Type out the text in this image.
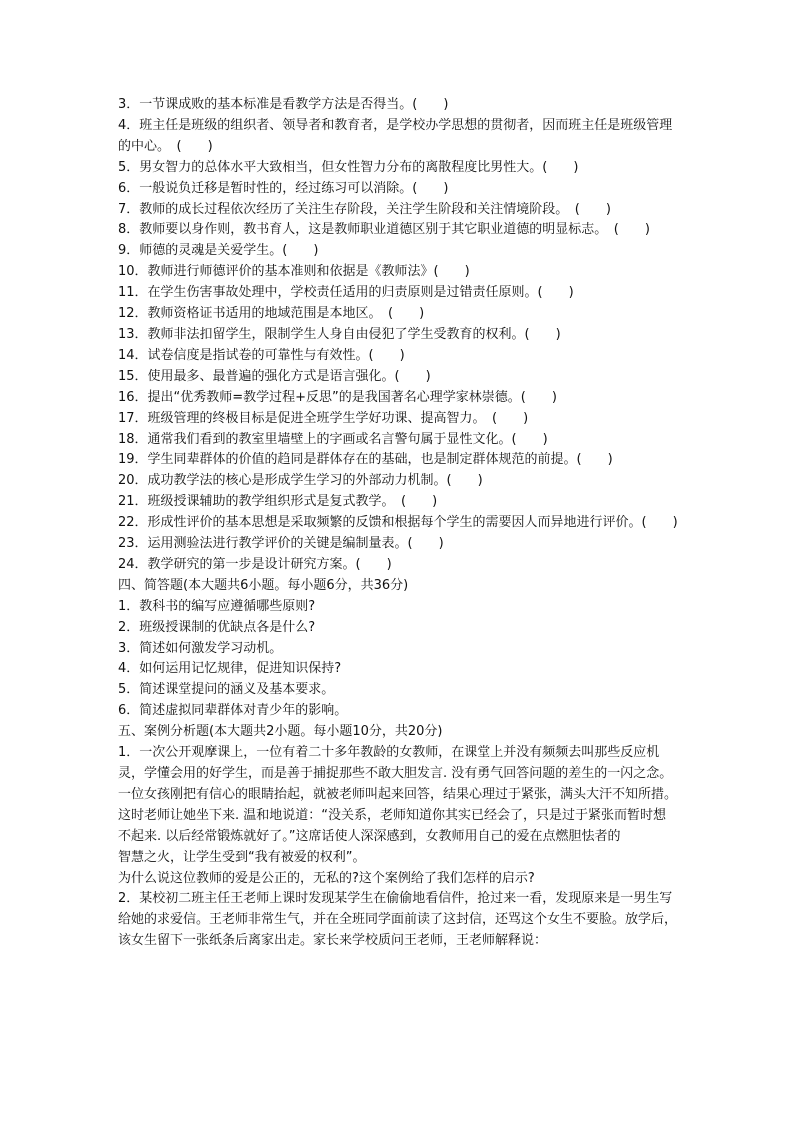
3．一节课成败的基本标准是看教学方法是否得当。(　　)

4．班主任是班级的组织者、领导者和教育者，是学校办学思想的贯彻者，因而班主任是班级管理的中心。　(　　)

5．男女智力的总体水平大致相当，但女性智力分布的离散程度比男性大。(　　)

6．一般说负迁移是暂时性的，经过练习可以消除。(　　)

7．教师的成长过程依次经历了关注生存阶段，关注学生阶段和关注情境阶段。　(　　)

8．教师要以身作则，教书育人，这是教师职业道德区别于其它职业道德的明显标志。　(　　)

9．师德的灵魂是关爱学生。(　　)

10．教师进行师德评价的基本准则和依据是《教师法》(　　)

11．在学生伤害事故处理中，学校责任适用的归责原则是过错责任原则。(　　)

12．教师资格证书适用的地域范围是本地区。　(　　)

13．教师非法扣留学生，限制学生人身自由侵犯了学生受教育的权利。(　　)

14．试卷信度是指试卷的可靠性与有效性。(　　)

15．使用最多、最普遍的强化方式是语言强化。(　　)

16．提出“优秀教师=教学过程+反思”的是我国著名心理学家林崇德。(　　)

17．班级管理的终极目标是促进全班学生学好功课、提高智力。　(　　)

18．通常我们看到的教室里墙壁上的字画或名言警句属于显性文化。(　　)

19．学生同辈群体的价值的趋同是群体存在的基础，也是制定群体规范的前提。(　　)

20．成功教学法的核心是形成学生学习的外部动力机制。(　　)

21．班级授课辅助的教学组织形式是复式教学。　(　　)

22．形成性评价的基本思想是采取频繁的反馈和根据每个学生的需要因人而异地进行评价。(　　)

23．运用测验法进行教学评价的关键是编制量表。(　　)

24．教学研究的第一步是设计研究方案。(　　)

四、简答题(本大题共6小题。每小题6分，共36分)

1．教科书的编写应遵循哪些原则?

2．班级授课制的优缺点各是什么?

3．简述如何激发学习动机。

4．如何运用记忆规律，促进知识保持?

5．简述课堂提问的涵义及基本要求。

6．简述虚拟同辈群体对青少年的影响。

五、案例分析题(本大题共2小题。每小题10分，共20分)

1．一次公开观摩课上，一位有着二十多年教龄的女教师，在课堂上并没有频频去叫那些反应机灵，学懂会用的好学生，而是善于捕捉那些不敢大胆发言. 没有勇气回答问题的差生的一闪之念。一位女孩刚把有信心的眼睛抬起，就被老师叫起来回答，结果心理过于紧张，满头大汗不知所措。这时老师让她坐下来. 温和地说道：“没关系，老师知道你其实已经会了，只是过于紧张而暂时想不起来. 以后经常锻炼就好了。”这席话使人深深感到，女教师用自己的爱在点燃胆怯者的

智慧之火，让学生受到“我有被爱的权利”。

为什么说这位教师的爱是公正的，无私的?这个案例给了我们怎样的启示?

2．某校初二班主任王老师上课时发现某学生在偷偷地看信件，抢过来一看，发现原来是一男生写给她的求爱信。王老师非常生气，并在全班同学面前读了这封信，还骂这个女生不要脸。放学后，该女生留下一张纸条后离家出走。家长来学校质问王老师，王老师解释说：
